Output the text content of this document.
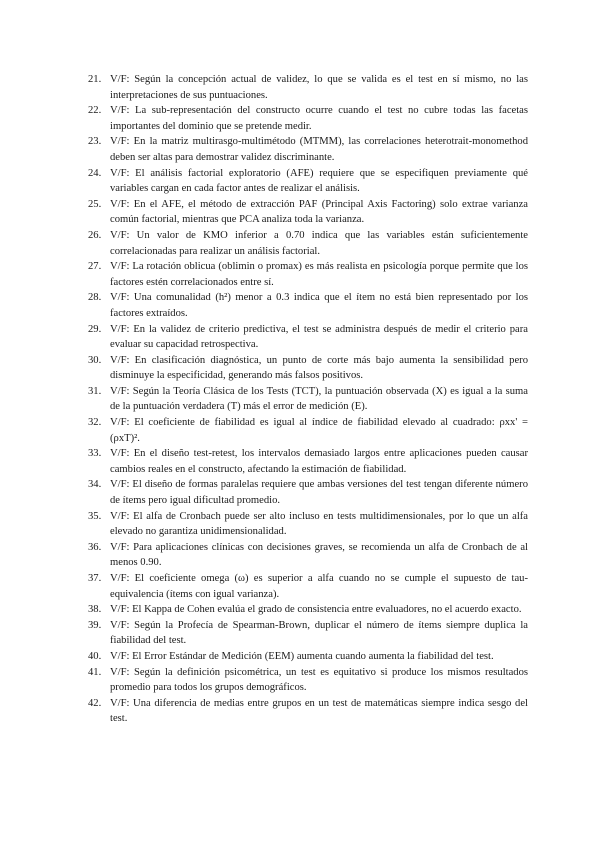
21. V/F: Según la concepción actual de validez, lo que se valida es el test en sí mismo, no las interpretaciones de sus puntuaciones.
22. V/F: La sub-representación del constructo ocurre cuando el test no cubre todas las facetas importantes del dominio que se pretende medir.
23. V/F: En la matriz multirasgo-multimétodo (MTMM), las correlaciones heterotrait-monomethod deben ser altas para demostrar validez discriminante.
24. V/F: El análisis factorial exploratorio (AFE) requiere que se especifiquen previamente qué variables cargan en cada factor antes de realizar el análisis.
25. V/F: En el AFE, el método de extracción PAF (Principal Axis Factoring) solo extrae varianza común factorial, mientras que PCA analiza toda la varianza.
26. V/F: Un valor de KMO inferior a 0.70 indica que las variables están suficientemente correlacionadas para realizar un análisis factorial.
27. V/F: La rotación oblicua (oblimin o promax) es más realista en psicología porque permite que los factores estén correlacionados entre sí.
28. V/F: Una comunalidad (h²) menor a 0.3 indica que el ítem no está bien representado por los factores extraídos.
29. V/F: En la validez de criterio predictiva, el test se administra después de medir el criterio para evaluar su capacidad retrospectiva.
30. V/F: En clasificación diagnóstica, un punto de corte más bajo aumenta la sensibilidad pero disminuye la especificidad, generando más falsos positivos.
31. V/F: Según la Teoría Clásica de los Tests (TCT), la puntuación observada (X) es igual a la suma de la puntuación verdadera (T) más el error de medición (E).
32. V/F: El coeficiente de fiabilidad es igual al índice de fiabilidad elevado al cuadrado: ρxx' = (ρxT)².
33. V/F: En el diseño test-retest, los intervalos demasiado largos entre aplicaciones pueden causar cambios reales en el constructo, afectando la estimación de fiabilidad.
34. V/F: El diseño de formas paralelas requiere que ambas versiones del test tengan diferente número de ítems pero igual dificultad promedio.
35. V/F: El alfa de Cronbach puede ser alto incluso en tests multidimensionales, por lo que un alfa elevado no garantiza unidimensionalidad.
36. V/F: Para aplicaciones clínicas con decisiones graves, se recomienda un alfa de Cronbach de al menos 0.90.
37. V/F: El coeficiente omega (ω) es superior a alfa cuando no se cumple el supuesto de tau-equivalencia (ítems con igual varianza).
38. V/F: El Kappa de Cohen evalúa el grado de consistencia entre evaluadores, no el acuerdo exacto.
39. V/F: Según la Profecía de Spearman-Brown, duplicar el número de ítems siempre duplica la fiabilidad del test.
40. V/F: El Error Estándar de Medición (EEM) aumenta cuando aumenta la fiabilidad del test.
41. V/F: Según la definición psicométrica, un test es equitativo si produce los mismos resultados promedio para todos los grupos demográficos.
42. V/F: Una diferencia de medias entre grupos en un test de matemáticas siempre indica sesgo del test.
